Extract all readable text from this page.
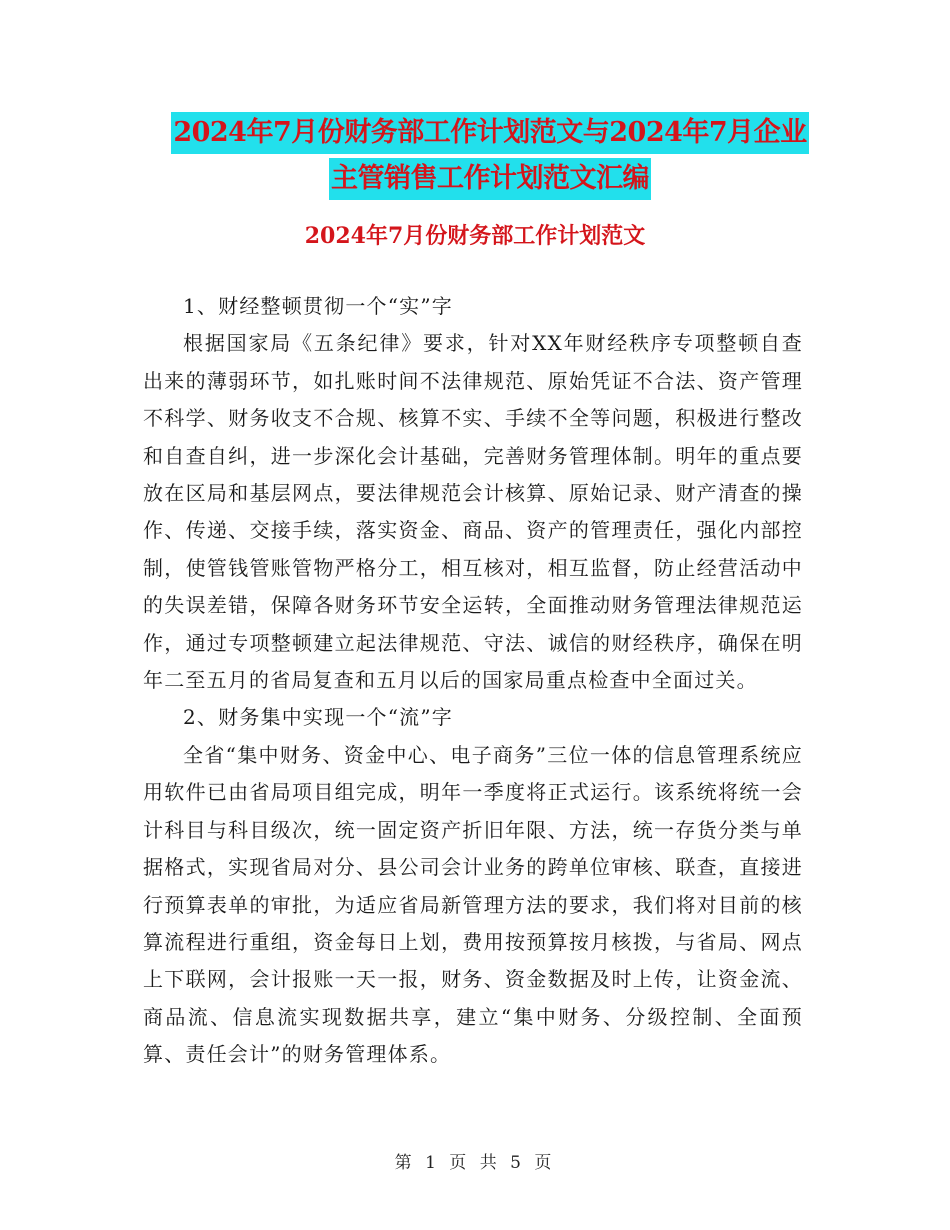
2024年7月份财务部工作计划范文与2024年7月企业
主管销售工作计划范文汇编
2024年7月份财务部工作计划范文

1、财经整顿贯彻一个“实”字

根据国家局《五条纪律》要求，针对XX年财经秩序专项整顿自查出来的薄弱环节，如扎账时间不法律规范、原始凭证不合法、资产管理不科学、财务收支不合规、核算不实、手续不全等问题，积极进行整改和自查自纠，进一步深化会计基础，完善财务管理体制。明年的重点要放在区局和基层网点，要法律规范会计核算、原始记录、财产清查的操作、传递、交接手续，落实资金、商品、资产的管理责任，强化内部控制，使管钱管账管物严格分工，相互核对，相互监督，防止经营活动中的失误差错，保障各财务环节安全运转，全面推动财务管理法律规范运作，通过专项整顿建立起法律规范、守法、诚信的财经秩序，确保在明年二至五月的省局复查和五月以后的国家局重点检查中全面过关。

2、财务集中实现一个“流”字

全省“集中财务、资金中心、电子商务”三位一体的信息管理系统应用软件已由省局项目组完成，明年一季度将正式运行。该系统将统一会计科目与科目级次，统一固定资产折旧年限、方法，统一存货分类与单据格式，实现省局对分、县公司会计业务的跨单位审核、联查，直接进行预算表单的审批，为适应省局新管理方法的要求，我们将对目前的核算流程进行重组，资金每日上划，费用按预算按月核拨，与省局、网点上下联网，会计报账一天一报，财务、资金数据及时上传，让资金流、商品流、信息流实现数据共享，建立“集中财务、分级控制、全面预算、责任会计”的财务管理体系。

第 1 页 共 5 页
